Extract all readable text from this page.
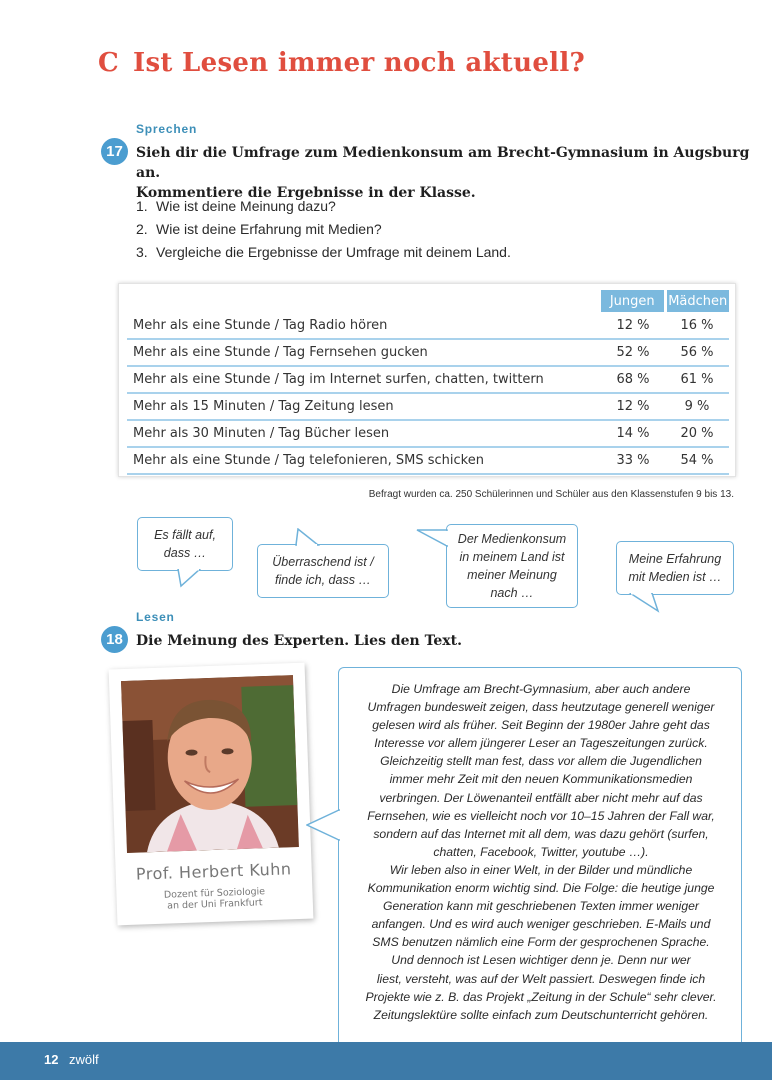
C Ist Lesen immer noch aktuell?
Sprechen
17 Sieh dir die Umfrage zum Medienkonsum am Brecht-Gymnasium in Augsburg an.
Kommentiere die Ergebnisse in der Klasse.
1. Wie ist deine Meinung dazu?
2. Wie ist deine Erfahrung mit Medien?
3. Vergleiche die Ergebnisse der Umfrage mit deinem Land.
	Jungen	Mädchen
Mehr als eine Stunde / Tag Radio hören	12 %	16 %
Mehr als eine Stunde / Tag Fernsehen gucken	52 %	56 %
Mehr als eine Stunde / Tag im Internet surfen, chatten, twittern	68 %	61 %
Mehr als 15 Minuten / Tag Zeitung lesen	12 %	9 %
Mehr als 30 Minuten / Tag Bücher lesen	14 %	20 %
Mehr als eine Stunde / Tag telefonieren, SMS schicken	33 %	54 %
Befragt wurden ca. 250 Schülerinnen und Schüler aus den Klassenstufen 9 bis 13.
Es fällt auf,
dass …
Überraschend ist /
finde ich, dass …
Der Medienkonsum
in meinem Land ist
meiner Meinung
nach …
Meine Erfahrung
mit Medien ist …
Lesen
18 Die Meinung des Experten. Lies den Text.
Prof. Herbert Kuhn
Dozent für Soziologie
an der Uni Frankfurt
Die Umfrage am Brecht-Gymnasium, aber auch andere
Umfragen bundesweit zeigen, dass heutzutage generell weniger
gelesen wird als früher. Seit Beginn der 1980er Jahre geht das
Interesse vor allem jüngerer Leser an Tageszeitungen zurück.
Gleichzeitig stellt man fest, dass vor allem die Jugendlichen
immer mehr Zeit mit den neuen Kommunikationsmedien
verbringen. Der Löwenanteil entfällt aber nicht mehr auf das
Fernsehen, wie es vielleicht noch vor 10–15 Jahren der Fall war,
sondern auf das Internet mit all dem, was dazu gehört (surfen,
chatten, Facebook, Twitter, youtube …).
Wir leben also in einer Welt, in der Bilder und mündliche
Kommunikation enorm wichtig sind. Die Folge: die heutige junge
Generation kann mit geschriebenen Texten immer weniger
anfangen. Und es wird auch weniger geschrieben. E-Mails und
SMS benutzen nämlich eine Form der gesprochenen Sprache.
Und dennoch ist Lesen wichtiger denn je. Denn nur wer
liest, versteht, was auf der Welt passiert. Deswegen finde ich
Projekte wie z. B. das Projekt „Zeitung in der Schule“ sehr clever.
Zeitungslektüre sollte einfach zum Deutschunterricht gehören.
12 zwölf
